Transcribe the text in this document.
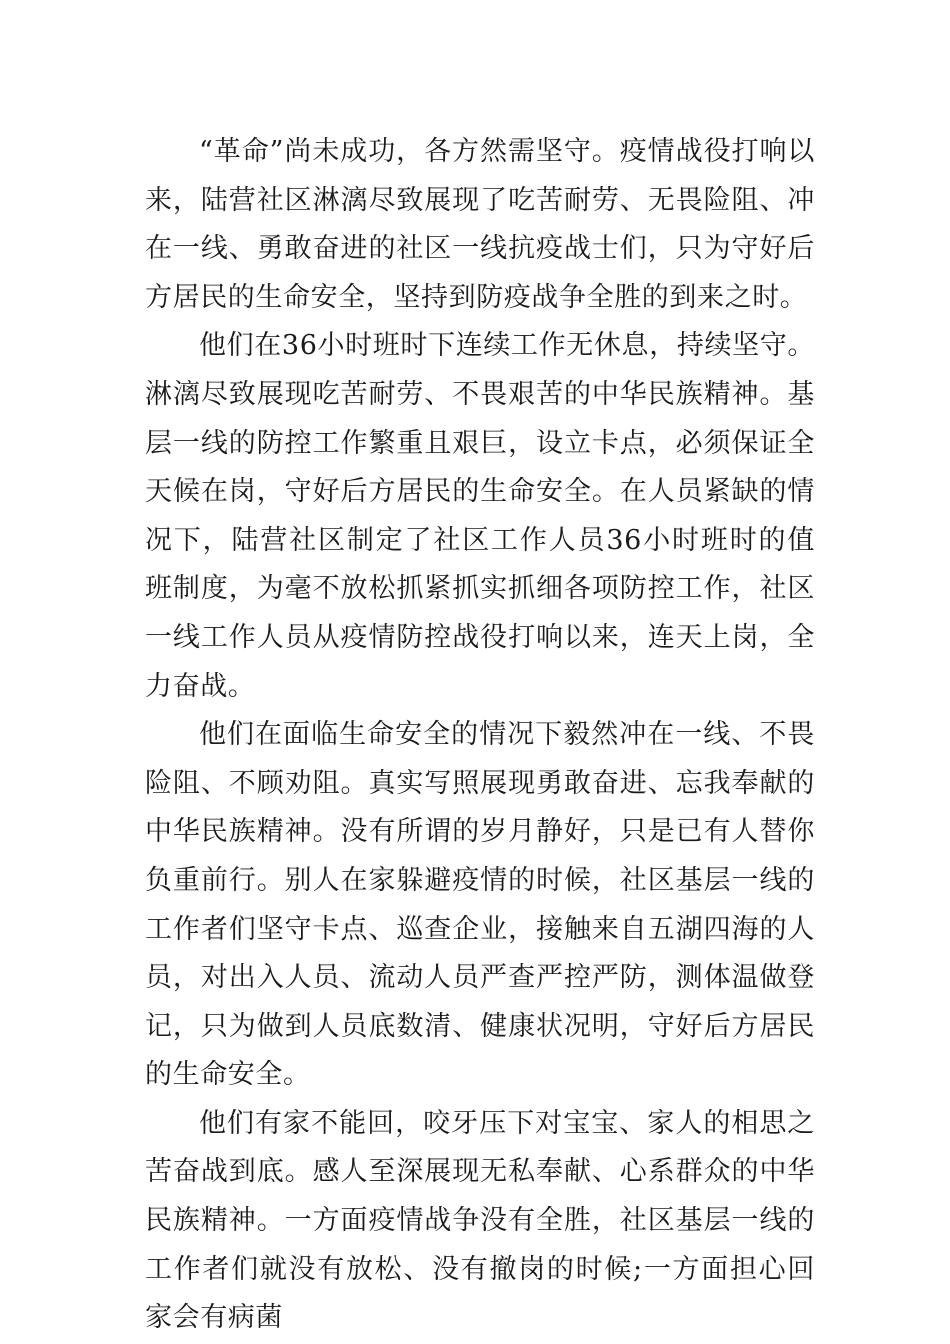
“革命”尚未成功，各方然需坚守。疫情战役打响以来，陆营社区淋漓尽致展现了吃苦耐劳、无畏险阻、冲在一线、勇敢奋进的社区一线抗疫战士们，只为守好后方居民的生命安全，坚持到防疫战争全胜的到来之时。

他们在36小时班时下连续工作无休息，持续坚守。淋漓尽致展现吃苦耐劳、不畏艰苦的中华民族精神。基层一线的防控工作繁重且艰巨，设立卡点，必须保证全天候在岗，守好后方居民的生命安全。在人员紧缺的情况下，陆营社区制定了社区工作人员36小时班时的值班制度，为毫不放松抓紧抓实抓细各项防控工作，社区一线工作人员从疫情防控战役打响以来，连天上岗，全力奋战。

他们在面临生命安全的情况下毅然冲在一线、不畏险阻、不顾劝阻。真实写照展现勇敢奋进、忘我奉献的中华民族精神。没有所谓的岁月静好，只是已有人替你负重前行。别人在家躲避疫情的时候，社区基层一线的工作者们坚守卡点、巡查企业，接触来自五湖四海的人员，对出入人员、流动人员严查严控严防，测体温做登记，只为做到人员底数清、健康状况明，守好后方居民的生命安全。

他们有家不能回，咬牙压下对宝宝、家人的相思之苦奋战到底。感人至深展现无私奉献、心系群众的中华民族精神。一方面疫情战争没有全胜，社区基层一线的工作者们就没有放松、没有撤岗的时候;一方面担心回家会有病菌
